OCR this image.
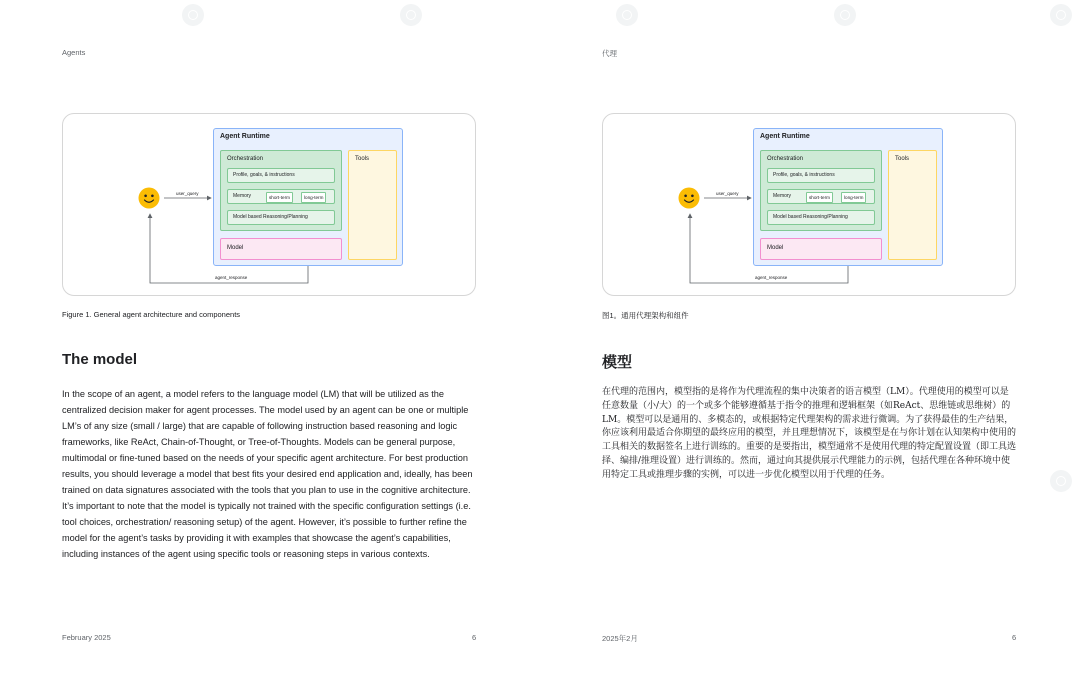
Agents
user_query
agent_response
Agent Runtime
Orchestration
Profile, goals, & instructions
Memory	short-term	long-term
Model based Reasoning/Planning
Tools
Model
Figure 1. General agent architecture and components
The model
In the scope of an agent, a model refers to the language model (LM) that will be utilized as the centralized decision maker for agent processes. The model used by an agent can be one or multiple LM’s of any size (small / large) that are capable of following instruction based reasoning and logic frameworks, like ReAct, Chain-of-Thought, or Tree-of-Thoughts. Models can be general purpose, multimodal or fine-tuned based on the needs of your specific agent architecture. For best production results, you should leverage a model that best fits your desired end application and, ideally, has been trained on data signatures associated with the tools that you plan to use in the cognitive architecture. It’s important to note that the model is typically not trained with the specific configuration settings (i.e. tool choices, orchestration/ reasoning setup) of the agent. However, it’s possible to further refine the model for the agent’s tasks by providing it with examples that showcase the agent’s capabilities, including instances of the agent using specific tools or reasoning steps in various contexts.
February 2025	6
代理
user_query
agent_response
Agent Runtime
Orchestration
Profile, goals, & instructions
Memory	short-term	long-term
Model based Reasoning/Planning
Tools
Model
图1。通用代理架构和组件
模型
在代理的范围内，模型指的是将作为代理流程的集中决策者的语言模型（LM）。代理使用的模型可以是任意数量（小/大）的一个或多个能够遵循基于指令的推理和逻辑框架（如ReAct、思维链或思维树）的LM。模型可以是通用的、多模态的，或根据特定代理架构的需求进行微调。为了获得最佳的生产结果，你应该利用最适合你期望的最终应用的模型，并且理想情况下，该模型是在与你计划在认知架构中使用的工具相关的数据签名上进行训练的。重要的是要指出，模型通常不是使用代理的特定配置设置（即工具选择、编排/推理设置）进行训练的。然而，通过向其提供展示代理能力的示例，包括代理在各种环境中使用特定工具或推理步骤的实例，可以进一步优化模型以用于代理的任务。
2025年2月	6
